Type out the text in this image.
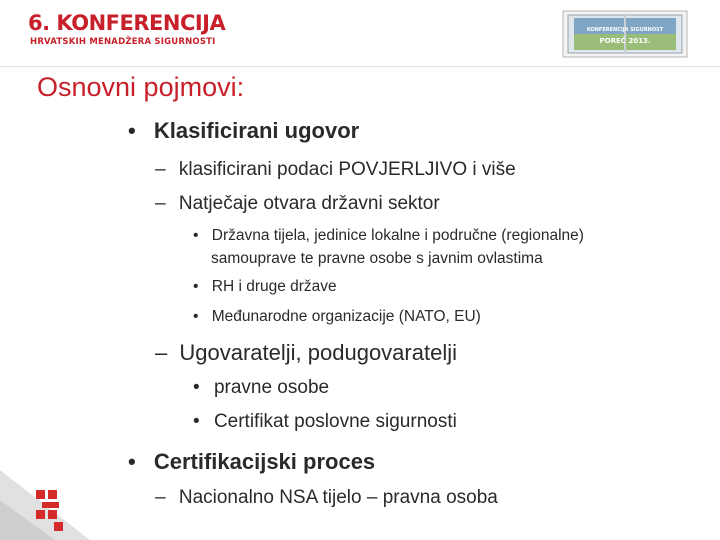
6. KONFERENCIJA
HRVATSKIH MENADŽERA SIGURNOSTI
KONFERENCIJA SIGURNOST
POREČ 2013.
Osnovni pojmovi:
• Klasificirani ugovor
– klasificirani podaci POVJERLJIVO i više
– Natječaje otvara državni sektor
• Državna tijela, jedinice lokalne i područne (regionalne)
samouprave te pravne osobe s javnim ovlastima
• RH i druge države
• Međunarodne organizacije (NATO, EU)
– Ugovaratelji, podugovaratelji
• pravne osobe
• Certifikat poslovne sigurnosti
• Certifikacijski proces
– Nacionalno NSA tijelo – pravna osoba
